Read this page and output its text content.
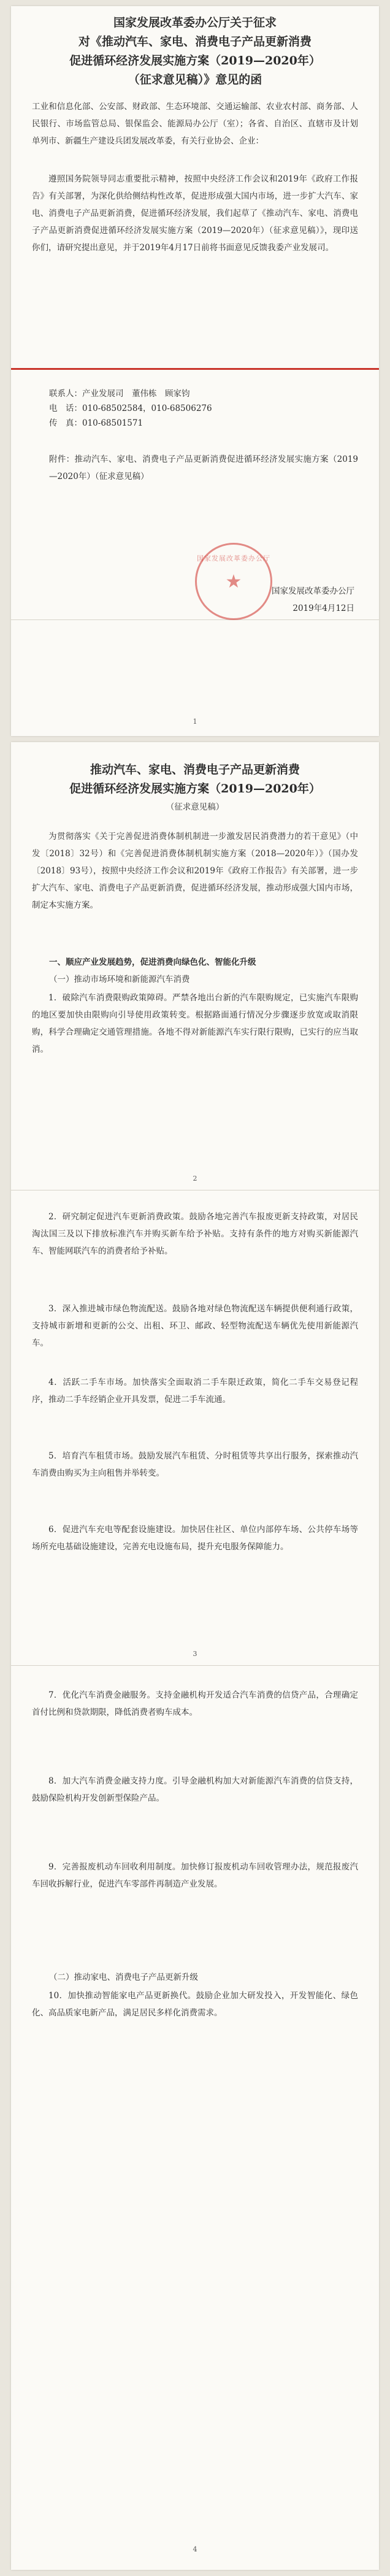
国家发展改革委办公厅关于征求

对《推动汽车、家电、消费电子产品更新消费

促进循环经济发展实施方案（2019—2020年）

（征求意见稿）》意见的函

工业和信息化部、公安部、财政部、生态环境部、交通运输部、农业农村部、商务部、人民银行、市场监管总局、银保监会、能源局办公厅（室）；各省、自治区、直辖市及计划单列市、新疆生产建设兵团发展改革委，有关行业协会、企业：

遵照国务院领导同志重要批示精神，按照中央经济工作会议和2019年《政府工作报告》有关部署，为深化供给侧结构性改革，促进形成强大国内市场，进一步扩大汽车、家电、消费电子产品更新消费，促进循环经济发展，我们起草了《推动汽车、家电、消费电子产品更新消费促进循环经济发展实施方案（2019—2020年）（征求意见稿）》，现印送你们，请研究提出意见，并于2019年4月17日前将书面意见反馈我委产业发展司。

联系人：产业发展司　董伟栋　顾家钧

电　话：010-68502584，010-68506276

传　真：010-68501571

附件：推动汽车、家电、消费电子产品更新消费促进循环经济发展实施方案（2019—2020年）（征求意见稿）

★
国家发展改革委办公厅

国家发展改革委办公厅

2019年4月12日

1

推动汽车、家电、消费电子产品更新消费

促进循环经济发展实施方案（2019—2020年）

（征求意见稿）

为贯彻落实《关于完善促进消费体制机制进一步激发居民消费潜力的若干意见》（中发〔2018〕32号）和《完善促进消费体制机制实施方案（2018—2020年）》（国办发〔2018〕93号），按照中央经济工作会议和2019年《政府工作报告》有关部署，进一步扩大汽车、家电、消费电子产品更新消费，促进循环经济发展，推动形成强大国内市场，制定本实施方案。

一、顺应产业发展趋势，促进消费向绿色化、智能化升级

（一）推动市场环境和新能源汽车消费

1．破除汽车消费限购政策障碍。严禁各地出台新的汽车限购规定，已实施汽车限购的地区要加快由限购向引导使用政策转变。根据路面通行情况分步骤逐步放宽或取消限购，科学合理确定交通管理措施。各地不得对新能源汽车实行限行限购，已实行的应当取消。

2

2．研究制定促进汽车更新消费政策。鼓励各地完善汽车报废更新支持政策，对居民淘汰国三及以下排放标准汽车并购买新车给予补贴。支持有条件的地方对购买新能源汽车、智能网联汽车的消费者给予补贴。

3．深入推进城市绿色物流配送。鼓励各地对绿色物流配送车辆提供便利通行政策，支持城市新增和更新的公交、出租、环卫、邮政、轻型物流配送车辆优先使用新能源汽车。

4．活跃二手车市场。加快落实全面取消二手车限迁政策，简化二手车交易登记程序，推动二手车经销企业开具发票，促进二手车流通。

5．培育汽车租赁市场。鼓励发展汽车租赁、分时租赁等共享出行服务，探索推动汽车消费由购买为主向租售并举转变。

6．促进汽车充电等配套设施建设。加快居住社区、单位内部停车场、公共停车场等场所充电基础设施建设，完善充电设施布局，提升充电服务保障能力。

3

7．优化汽车消费金融服务。支持金融机构开发适合汽车消费的信贷产品，合理确定首付比例和贷款期限，降低消费者购车成本。

8．加大汽车消费金融支持力度。引导金融机构加大对新能源汽车消费的信贷支持，鼓励保险机构开发创新型保险产品。

9．完善报废机动车回收利用制度。加快修订报废机动车回收管理办法，规范报废汽车回收拆解行业，促进汽车零部件再制造产业发展。

（二）推动家电、消费电子产品更新升级

10．加快推动智能家电产品更新换代。鼓励企业加大研发投入，开发智能化、绿色化、高品质家电新产品，满足居民多样化消费需求。

4
